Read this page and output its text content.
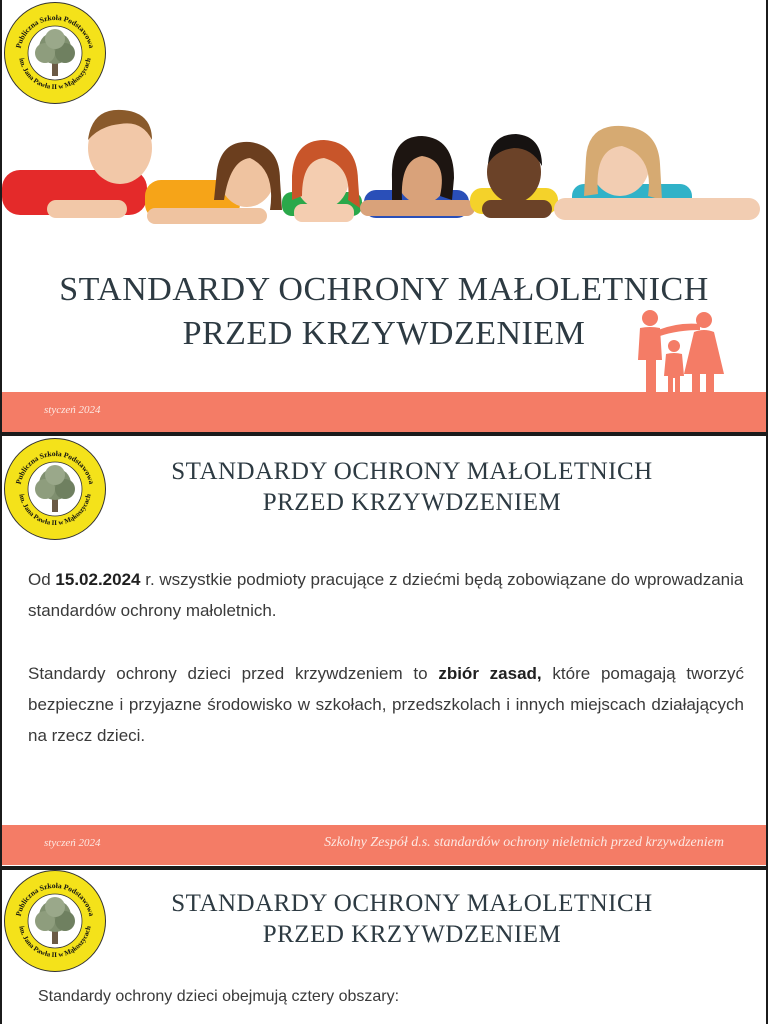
Publiczna Szkoła Podstawowa
im. Jana Pawła II w Mąkoszycach
STANDARDY OCHRONY MAŁOLETNICH
PRZED KRZYWDZENIEM
styczeń 2024
Publiczna Szkoła Podstawowa
im. Jana Pawła II w Mąkoszycach
STANDARDY OCHRONY MAŁOLETNICH
PRZED KRZYWDZENIEM
Od 15.02.2024 r. wszystkie podmioty pracujące z dziećmi będą zobowiązane do wprowadzania standardów ochrony małoletnich.
Standardy ochrony dzieci przed krzywdzeniem to zbiór zasad, które pomagają tworzyć bezpieczne i przyjazne środowisko w szkołach, przedszkolach i innych miejscach działających na rzecz dzieci.
styczeń 2024	Szkolny Zespół d.s. standardów ochrony nieletnich przed krzywdzeniem
Publiczna Szkoła Podstawowa
im. Jana Pawła II w Mąkoszycach
STANDARDY OCHRONY MAŁOLETNICH
PRZED KRZYWDZENIEM
Standardy ochrony dzieci obejmują cztery obszary:
